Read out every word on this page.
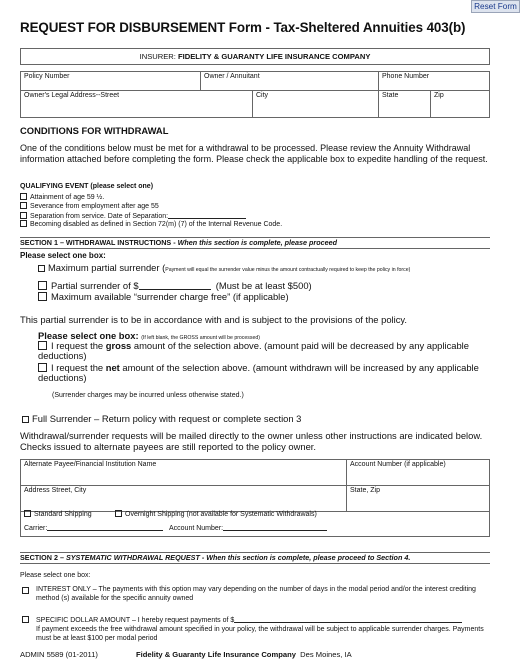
Reset Form
REQUEST FOR DISBURSEMENT Form - Tax-Sheltered Annuities 403(b)
INSURER: FIDELITY & GUARANTY LIFE INSURANCE COMPANY
Policy Number	Owner / Annuitant	Phone Number
Owner's Legal Address--Street	City	State	Zip
CONDITIONS FOR WITHDRAWAL
One of the conditions below must be met for a withdrawal to be processed. Please review the Annuity Withdrawal information attached before completing the form. Please check the applicable box to expedite handling of the request.
QUALIFYING EVENT (please select one)
Attainment of age 59 ½.
Severance from employment after age 55
Separation from service. Date of Separation:
Becoming disabled as defined in Section 72(m) (7) of the Internal Revenue Code.
SECTION 1 – WITHDRAWAL INSTRUCTIONS - When this section is complete, please proceed
Please select one box:
Maximum partial surrender (Payment will equal the surrender value minus the amount contractually required to keep the policy in force)
Partial surrender of $	(Must be at least $500)
Maximum available “surrender charge free” (if applicable)
This partial surrender is to be in accordance with and is subject to the provisions of the policy.
Please select one box: (If left blank, the GROSS amount will be processed)
I request the gross amount of the selection above. (amount paid will be decreased by any applicable deductions)
I request the net amount of the selection above. (amount withdrawn will be increased by any applicable deductions)
(Surrender charges may be incurred unless otherwise stated.)
Full Surrender – Return policy with request or complete section 3
Withdrawal/surrender requests will be mailed directly to the owner unless other instructions are indicated below. Checks issued to alternate payees are still reported to the policy owner.
Alternate Payee/Financial Institution Name	Account Number (if applicable)
Address Street, City	State, Zip
Standard Shipping	Overnight Shipping (not available for Systematic Withdrawals)
Carrier:	Account Number:
SECTION 2 – SYSTEMATIC WITHDRAWAL REQUEST - When this section is complete, please proceed to Section 4.
Please select one box:
INTEREST ONLY – The payments with this option may vary depending on the number of days in the modal period and/or the interest crediting method (s) available for the specific annuity owned
SPECIFIC DOLLAR AMOUNT – I hereby request payments of $
If payment exceeds the free withdrawal amount specified in your policy, the withdrawal will be subject to applicable surrender charges. Payments must be at least $100 per modal period
ADMIN 5589 (01-2011)	Fidelity & Guaranty Life Insurance Company Des Moines, IA
